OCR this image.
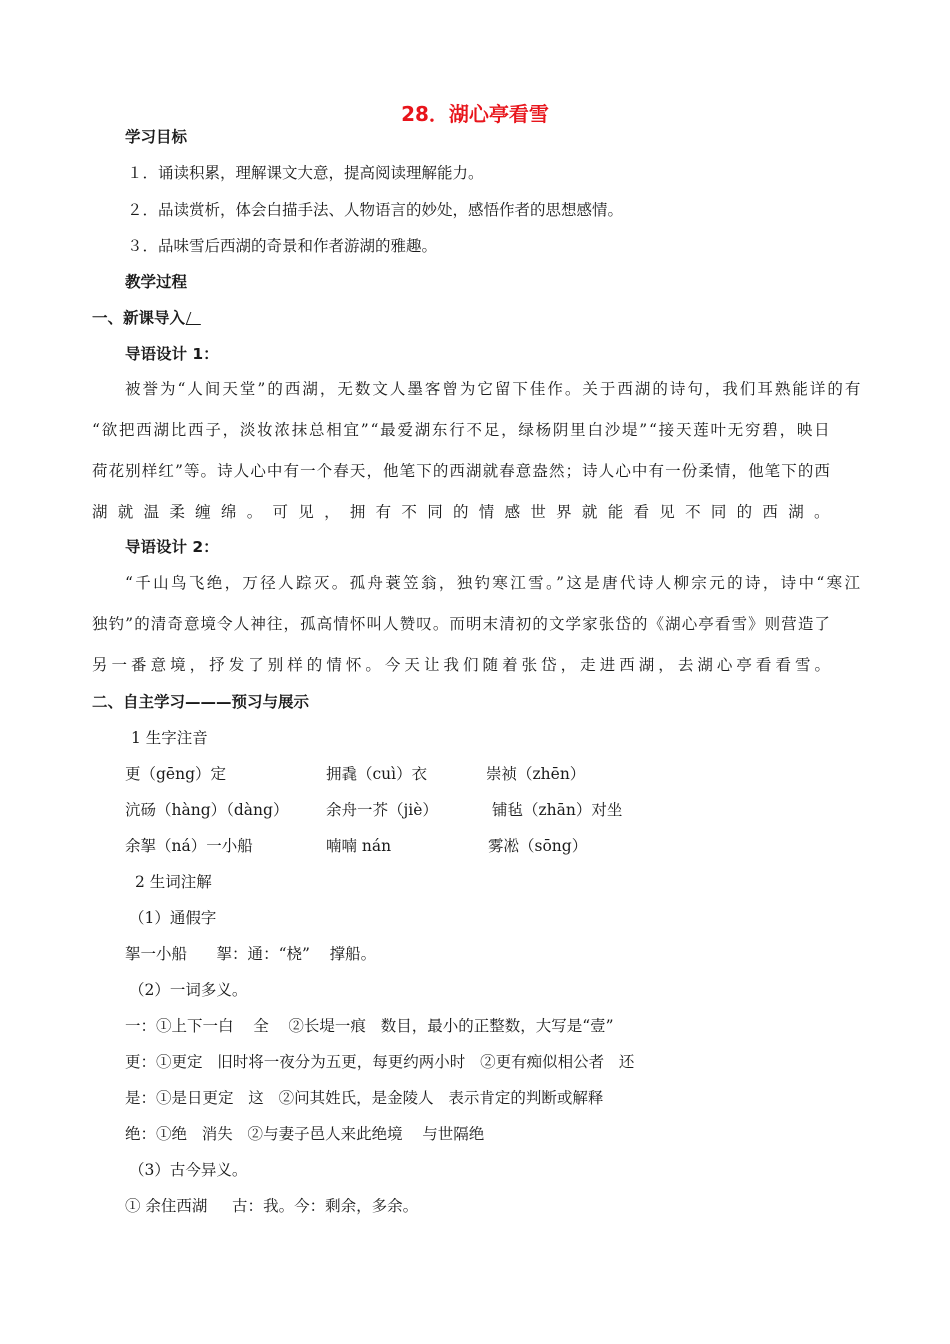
28．湖心亭看雪
学习目标
１．诵读积累，理解课文大意，提高阅读理解能力。
２．品读赏析，体会白描手法、人物语言的妙处，感悟作者的思想感情。
３．品味雪后西湖的奇景和作者游湖的雅趣。
教学过程
一、新课导入
导语设计 1：
被誉为“人间天堂”的西湖，无数文人墨客曾为它留下佳作。关于西湖的诗句，我们耳熟能详的有
“欲把西湖比西子，淡妆浓抹总相宜”“最爱湖东行不足，绿杨阴里白沙堤”“接天莲叶无穷碧，映日
荷花别样红”等。诗人心中有一个春天，他笔下的西湖就春意盎然；诗人心中有一份柔情，他笔下的西
湖就温柔缠绵。可见，拥有不同的情感世界就能看见不同的西湖。
导语设计 2：
“千山鸟飞绝，万径人踪灭。孤舟蓑笠翁，独钓寒江雪。”这是唐代诗人柳宗元的诗，诗中“寒江
独钓”的清奇意境令人神往，孤高情怀叫人赞叹。而明末清初的文学家张岱的《湖心亭看雪》则营造了
另一番意境，抒发了别样的情怀。今天让我们随着张岱，走进西湖，去湖心亭看看雪。
二、自主学习———预习与展示
1 生字注音
更（gēng）定	拥毳（cuì）衣	崇祯（zhēn）
沆砀（hàng）（dàng） 余舟一芥（jiè）	铺毡（zhān）对坐
余挐（ná）一小船	喃喃 nán	雾凇（sōng）
2 生词注解
（1）通假字
挐一小船      挐：通：“桡”    撑船。
（2）一词多义。
一：①上下一白    全    ②长堤一痕   数目，最小的正整数，大写是“壹”
更：①更定   旧时将一夜分为五更，每更约两小时   ②更有痴似相公者   还
是：①是日更定   这   ②问其姓氏，是金陵人   表示肯定的判断或解释
绝：①绝   消失   ②与妻子邑人来此绝境    与世隔绝
（3）古今异义。
① 余住西湖     古：我。今：剩余，多余。
